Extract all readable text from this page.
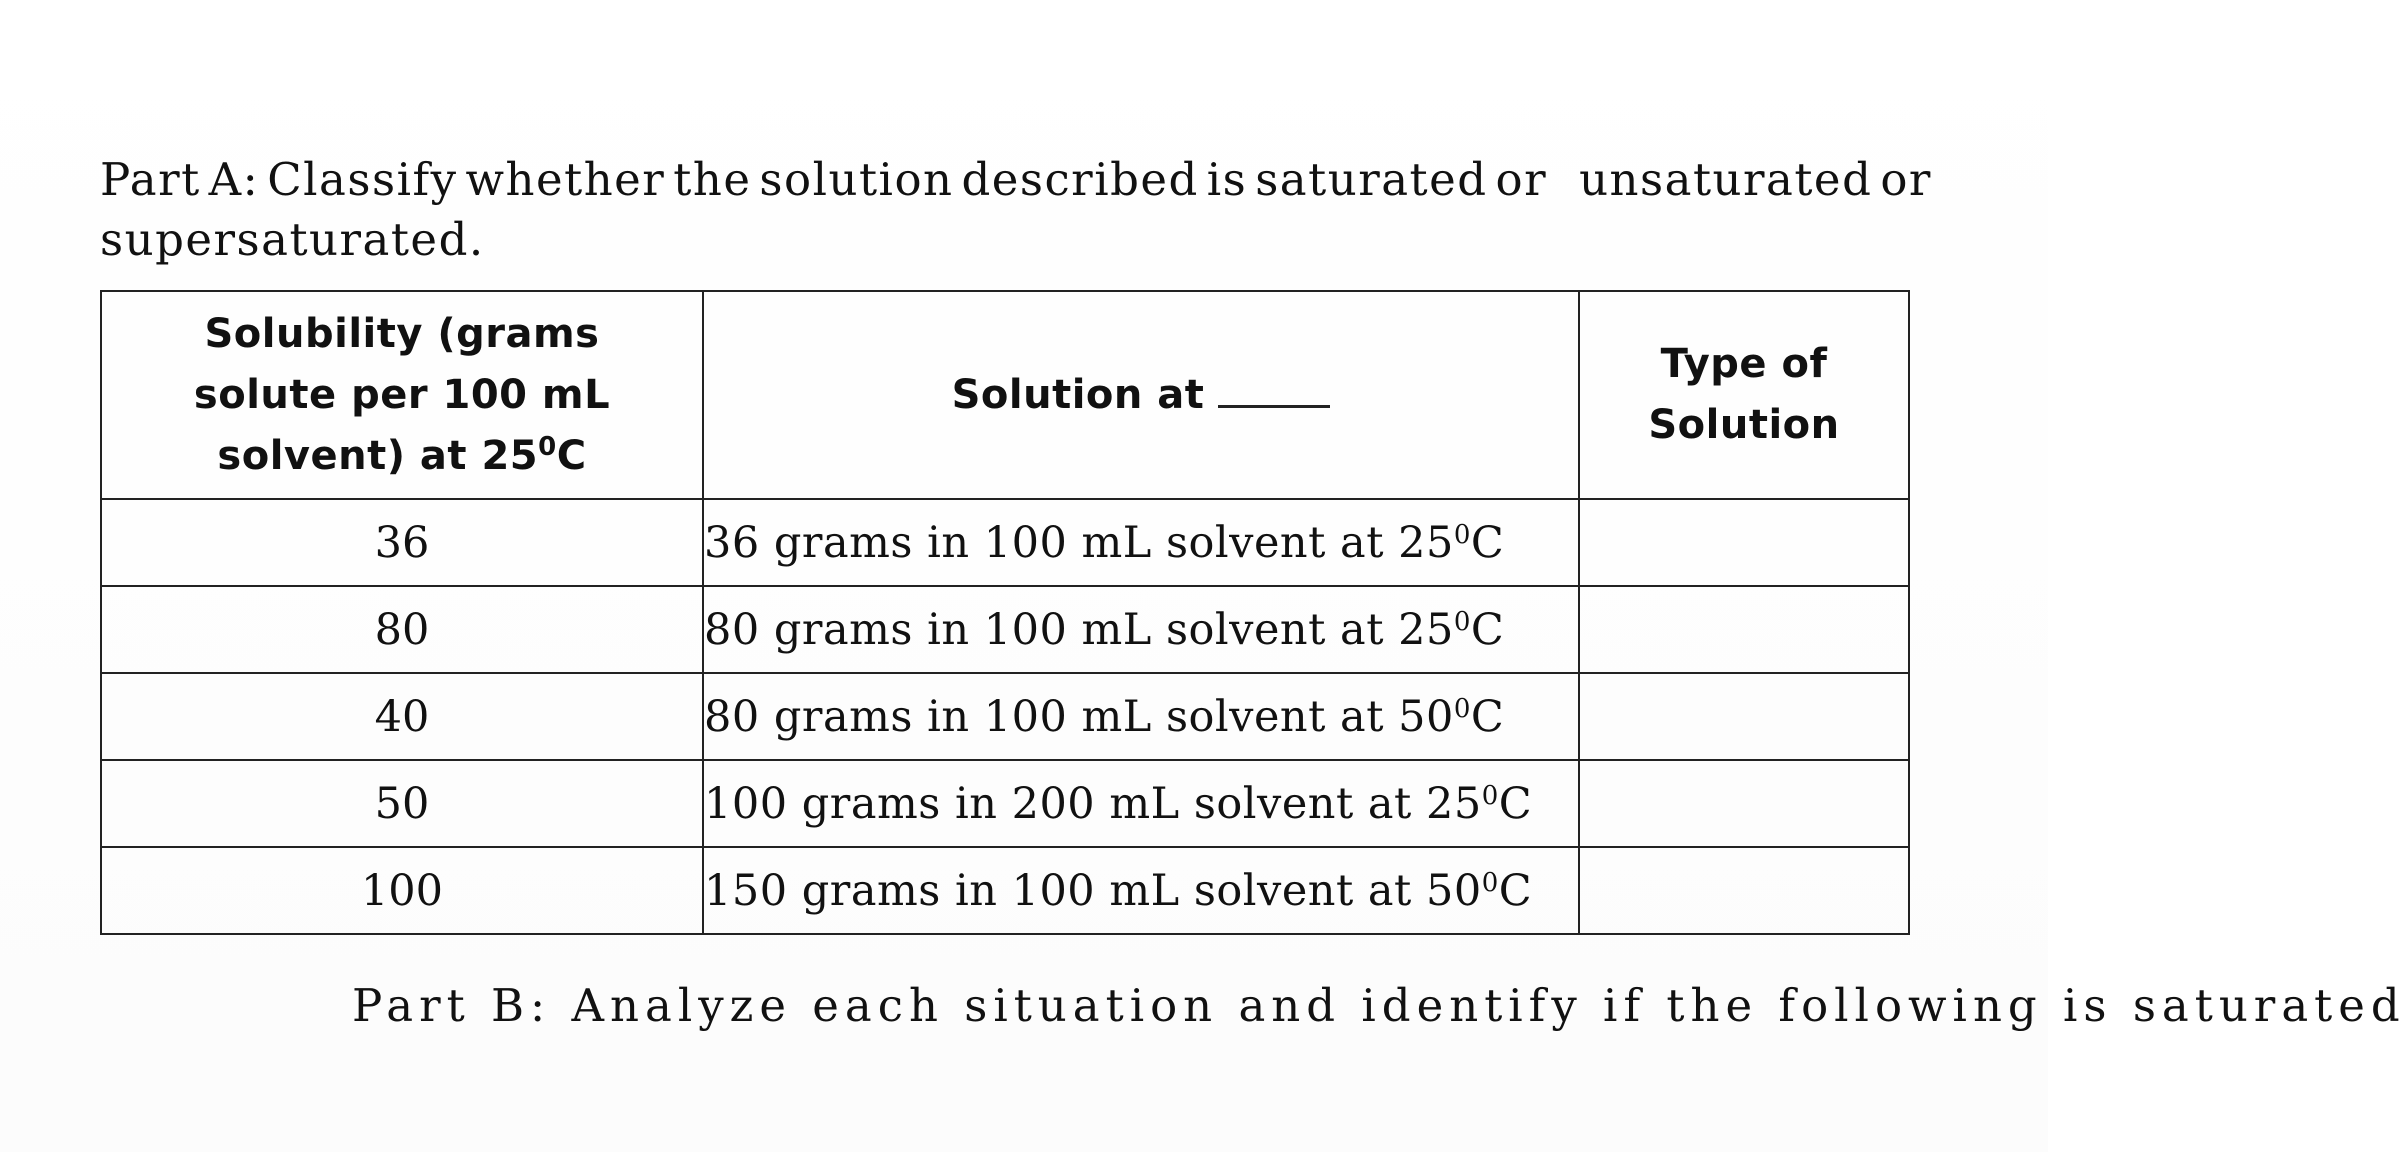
Part A: Classify whether the solution described is saturated or unsaturated or
supersaturated.
Solubility (grams
solute per 100 mL
solvent) at $25^0C$	Solution at	Type of
Solution

36	36 grams in 100 mL solvent at $25^0C$	
80	80 grams in 100 mL solvent at $25^0C$	
40	80 grams in 100 mL solvent at $50^0C$	
50	100 grams in 200 mL solvent at $25^0C$	
100	150 grams in 100 mL solvent at $50^0C$	
Part B: Analyze each situation and identify if the following is saturated
